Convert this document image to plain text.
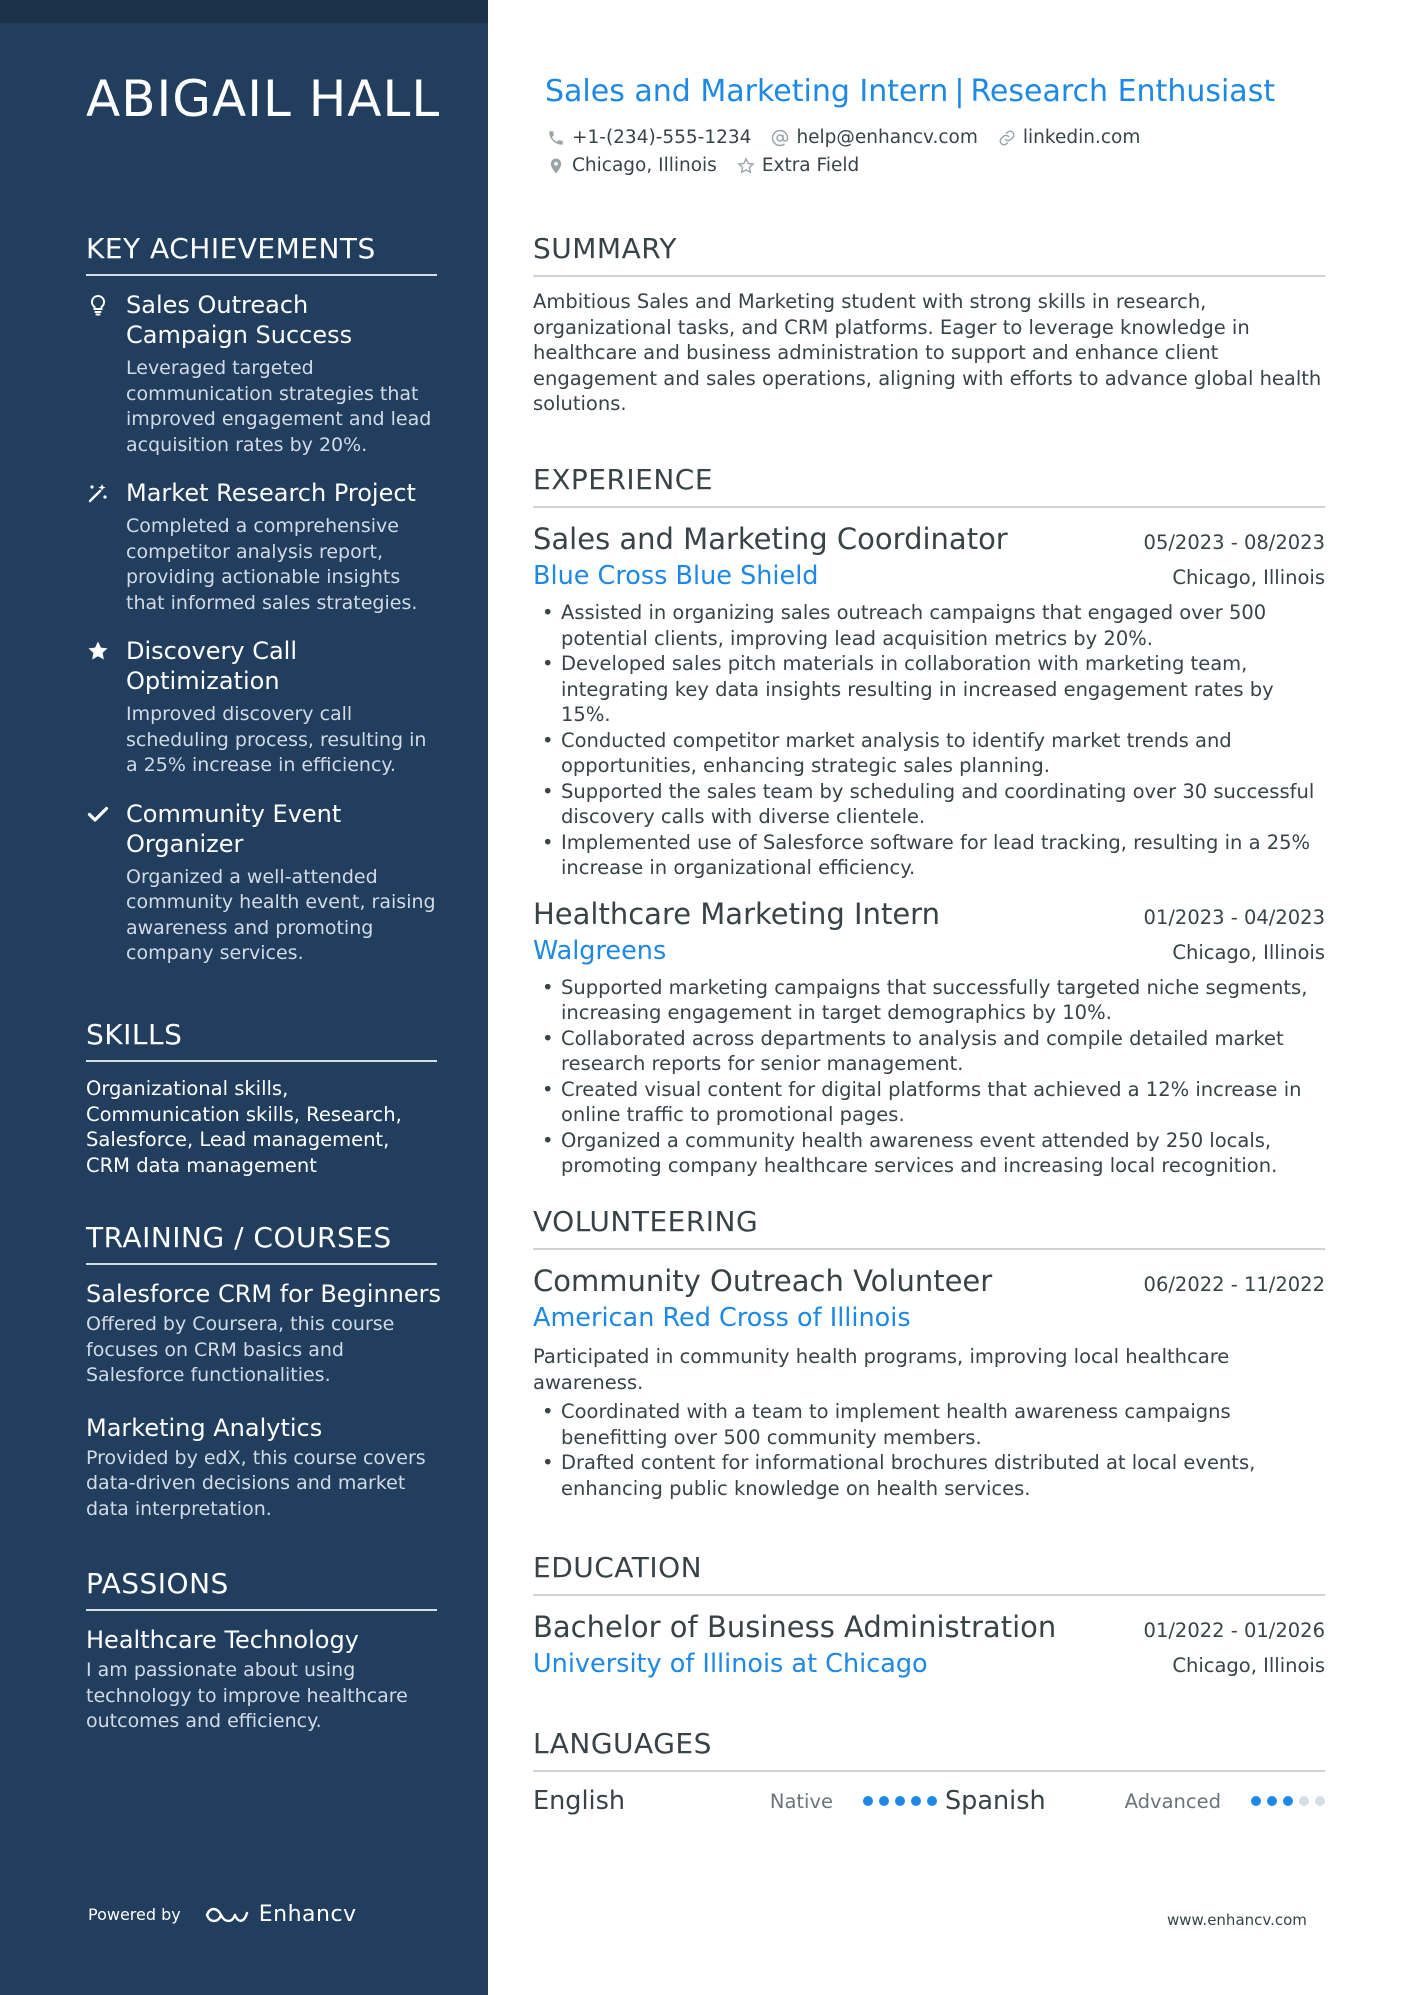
ABIGAIL HALL
KEY ACHIEVEMENTS
Sales Outreach Campaign Success
Leveraged targeted communication strategies that improved engagement and lead acquisition rates by 20%.
Market Research Project
Completed a comprehensive competitor analysis report, providing actionable insights that informed sales strategies.
Discovery Call Optimization
Improved discovery call scheduling process, resulting in a 25% increase in efficiency.
Community Event Organizer
Organized a well-attended community health event, raising awareness and promoting company services.
SKILLS
Organizational skills, Communication skills, Research, Salesforce, Lead management, CRM data management
TRAINING / COURSES
Salesforce CRM for Beginners
Offered by Coursera, this course focuses on CRM basics and Salesforce functionalities.
Marketing Analytics
Provided by edX, this course covers data-driven decisions and market data interpretation.
PASSIONS
Healthcare Technology
I am passionate about using technology to improve healthcare outcomes and efficiency.
Powered by	Enhancv
Sales and Marketing Intern | Research Enthusiast
+1-(234)-555-1234 help@enhancv.com linkedin.com
Chicago, Illinois Extra Field
SUMMARY
Ambitious Sales and Marketing student with strong skills in research, organizational tasks, and CRM platforms. Eager to leverage knowledge in healthcare and business administration to support and enhance client engagement and sales operations, aligning with efforts to advance global health solutions.
EXPERIENCE
Sales and Marketing Coordinator	05/2023 - 08/2023
Blue Cross Blue Shield	Chicago, Illinois
• Assisted in organizing sales outreach campaigns that engaged over 500 potential clients, improving lead acquisition metrics by 20%.
• Developed sales pitch materials in collaboration with marketing team, integrating key data insights resulting in increased engagement rates by 15%.
• Conducted competitor market analysis to identify market trends and opportunities, enhancing strategic sales planning.
• Supported the sales team by scheduling and coordinating over 30 successful discovery calls with diverse clientele.
• Implemented use of Salesforce software for lead tracking, resulting in a 25% increase in organizational efficiency.
Healthcare Marketing Intern	01/2023 - 04/2023
Walgreens	Chicago, Illinois
• Supported marketing campaigns that successfully targeted niche segments, increasing engagement in target demographics by 10%.
• Collaborated across departments to analysis and compile detailed market research reports for senior management.
• Created visual content for digital platforms that achieved a 12% increase in online traffic to promotional pages.
• Organized a community health awareness event attended by 250 locals, promoting company healthcare services and increasing local recognition.
VOLUNTEERING
Community Outreach Volunteer	06/2022 - 11/2022
American Red Cross of Illinois
Participated in community health programs, improving local healthcare awareness.
• Coordinated with a team to implement health awareness campaigns benefitting over 500 community members.
• Drafted content for informational brochures distributed at local events, enhancing public knowledge on health services.
EDUCATION
Bachelor of Business Administration	01/2022 - 01/2026
University of Illinois at Chicago	Chicago, Illinois
LANGUAGES
English	Native	Spanish	Advanced
www.enhancv.com
